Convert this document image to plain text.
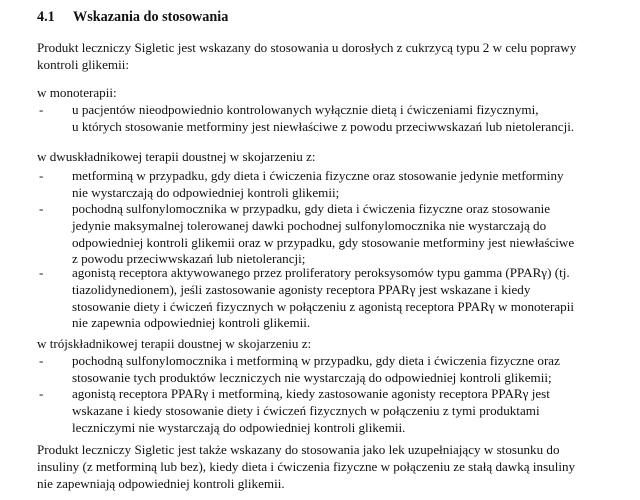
4.1 Wskazania do stosowania
Produkt leczniczy Sigletic jest wskazany do stosowania u dorosłych z cukrzycą typu 2 w celu poprawy
kontroli glikemii:
w monoterapii:
- u pacjentów nieodpowiednio kontrolowanych wyłącznie dietą i ćwiczeniami fizycznymi,
u których stosowanie metforminy jest niewłaściwe z powodu przeciwwskazań lub nietolerancji.
w dwuskładnikowej terapii doustnej w skojarzeniu z:
- metforminą w przypadku, gdy dieta i ćwiczenia fizyczne oraz stosowanie jedynie metforminy
nie wystarczają do odpowiedniej kontroli glikemii;
- pochodną sulfonylomocznika w przypadku, gdy dieta i ćwiczenia fizyczne oraz stosowanie
jedynie maksymalnej tolerowanej dawki pochodnej sulfonylomocznika nie wystarczają do
odpowiedniej kontroli glikemii oraz w przypadku, gdy stosowanie metforminy jest niewłaściwe
z powodu przeciwwskazań lub nietolerancji;
- agonistą receptora aktywowanego przez proliferatory peroksysomów typu gamma (PPARγ) (tj.
tiazolidynedionem), jeśli zastosowanie agonisty receptora PPARγ jest wskazane i kiedy
stosowanie diety i ćwiczeń fizycznych w połączeniu z agonistą receptora PPARγ w monoterapii
nie zapewnia odpowiedniej kontroli glikemii.
w trójskładnikowej terapii doustnej w skojarzeniu z:
- pochodną sulfonylomocznika i metforminą w przypadku, gdy dieta i ćwiczenia fizyczne oraz
stosowanie tych produktów leczniczych nie wystarczają do odpowiedniej kontroli glikemii;
- agonistą receptora PPARγ i metforminą, kiedy zastosowanie agonisty receptora PPARγ jest
wskazane i kiedy stosowanie diety i ćwiczeń fizycznych w połączeniu z tymi produktami
leczniczymi nie wystarczają do odpowiedniej kontroli glikemii.
Produkt leczniczy Sigletic jest także wskazany do stosowania jako lek uzupełniający w stosunku do
insuliny (z metforminą lub bez), kiedy dieta i ćwiczenia fizyczne w połączeniu ze stałą dawką insuliny
nie zapewniają odpowiedniej kontroli glikemii.
